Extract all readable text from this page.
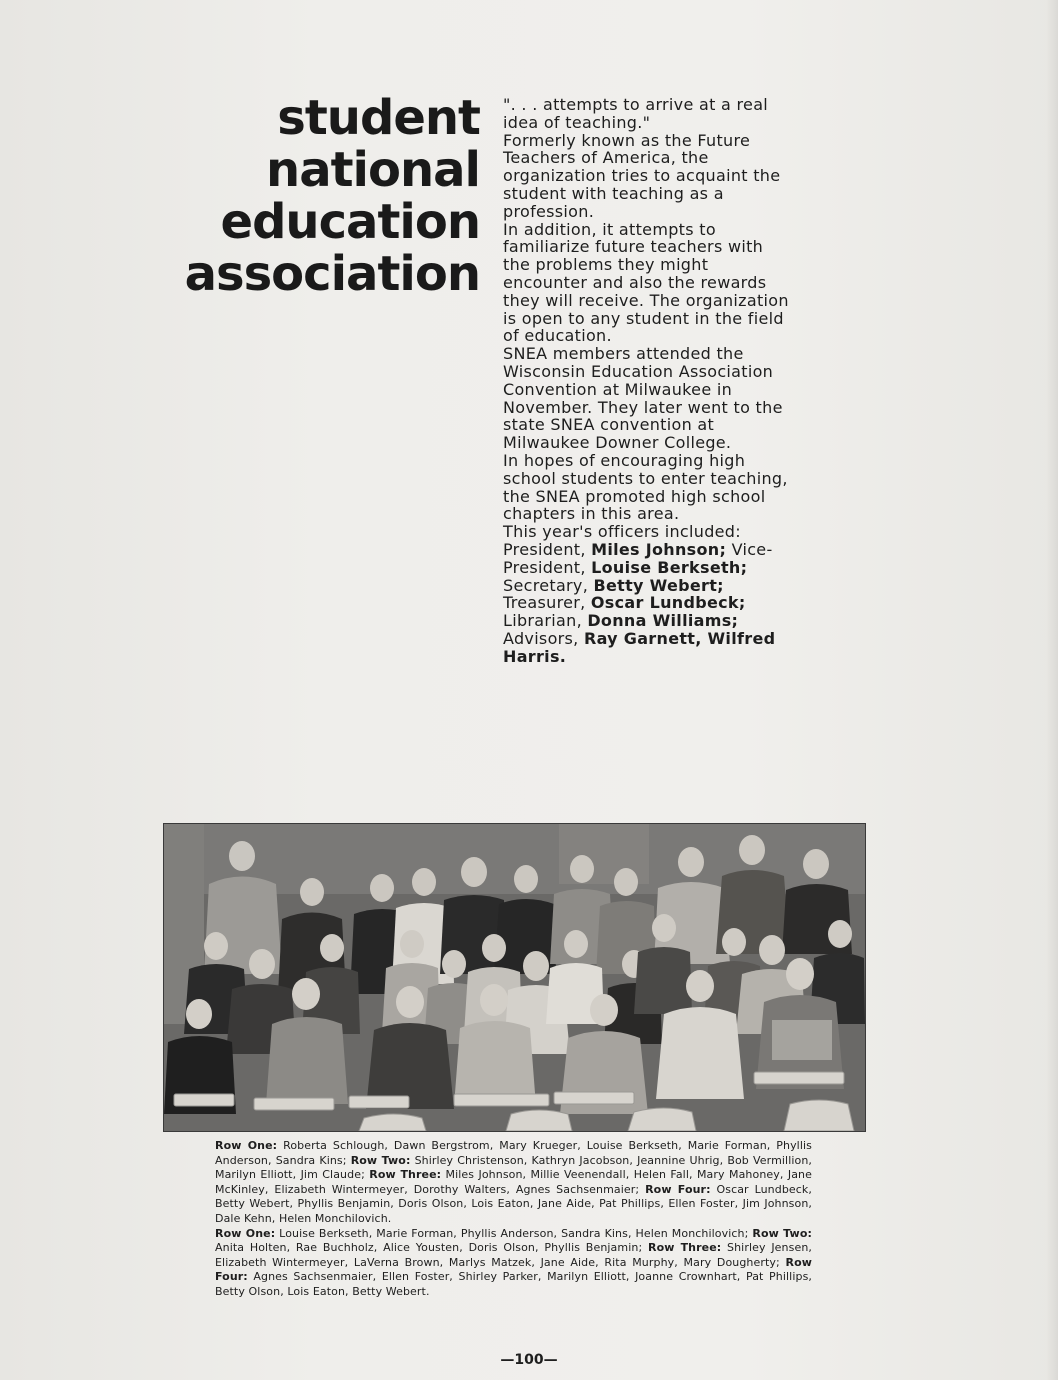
student
national
education
association

". . . attempts to arrive at a real idea of teaching."

Formerly known as the Future Teachers of America, the organization tries to acquaint the student with teaching as a profession.

In addition, it attempts to familiarize future teachers with the problems they might encounter and also the rewards they will receive. The organization is open to any student in the field of education.

SNEA members attended the Wisconsin Education Association Convention at Milwaukee in November. They later went to the state SNEA convention at Milwaukee Downer College.

In hopes of encouraging high school students to enter teaching, the SNEA promoted high school chapters in this area.

This year's officers included: President, Miles Johnson; Vice-President, Louise Berkseth; Secretary, Betty Webert; Treasurer, Oscar Lundbeck; Librarian, Donna Williams; Advisors, Ray Garnett, Wilfred Harris.

Row One: Roberta Schlough, Dawn Bergstrom, Mary Krueger, Louise Berkseth, Marie Forman, Phyllis Anderson, Sandra Kins; Row Two: Shirley Christenson, Kathryn Jacobson, Jeannine Uhrig, Bob Vermillion, Marilyn Elliott, Jim Claude; Row Three: Miles Johnson, Millie Veenendall, Helen Fall, Mary Mahoney, Jane McKinley, Elizabeth Wintermeyer, Dorothy Walters, Agnes Sachsenmaier; Row Four: Oscar Lundbeck, Betty Webert, Phyllis Benjamin, Doris Olson, Lois Eaton, Jane Aide, Pat Phillips, Ellen Foster, Jim Johnson, Dale Kehn, Helen Monchilovich.

Row One: Louise Berkseth, Marie Forman, Phyllis Anderson, Sandra Kins, Helen Monchilovich; Row Two: Anita Holten, Rae Buchholz, Alice Yousten, Doris Olson, Phyllis Benjamin; Row Three: Shirley Jensen, Elizabeth Wintermeyer, LaVerna Brown, Marlys Matzek, Jane Aide, Rita Murphy, Mary Dougherty; Row Four: Agnes Sachsenmaier, Ellen Foster, Shirley Parker, Marilyn Elliott, Joanne Crownhart, Pat Phillips, Betty Olson, Lois Eaton, Betty Webert.

—100—
